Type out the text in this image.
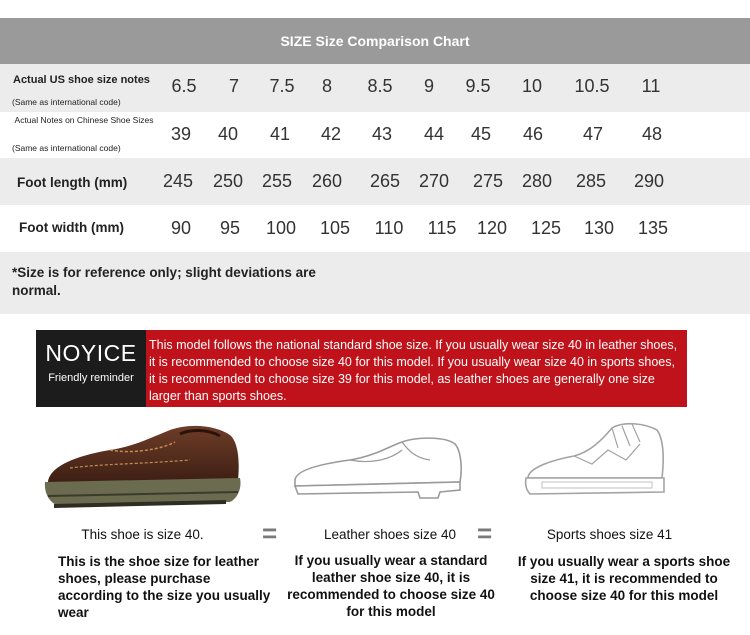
SIZE Size Comparison Chart
Actual US shoe size notes
(Same as international code)
6.5	7	7.5	8	8.5	9	9.5	10	10.5	11
Actual Notes on Chinese Shoe Sizes
(Same as international code)
39	40	41	42	43	44	45	46	47	48
Foot length (mm)	245	250	255	260	265	270	275	280	285	290
Foot width (mm)	90	95	100	105	110	115	120	125	130	135
*Size is for reference only; slight deviations are normal.
NOYICE
Friendly reminder
This model follows the national standard shoe size. If you usually wear size 40 in leather shoes, it is recommended to choose size 40 for this model. If you usually wear size 40 in sports shoes, it is recommended to choose size 39 for this model, as leather shoes are generally one size larger than sports shoes.
This shoe is size 40.	=	Leather shoes size 40 =	Sports shoes size 41
This is the shoe size for leather shoes, please purchase according to the size you usually wear
If you usually wear a standard leather shoe size 40, it is recommended to choose size 40 for this model
If you usually wear a sports shoe size 41, it is recommended to choose size 40 for this model
